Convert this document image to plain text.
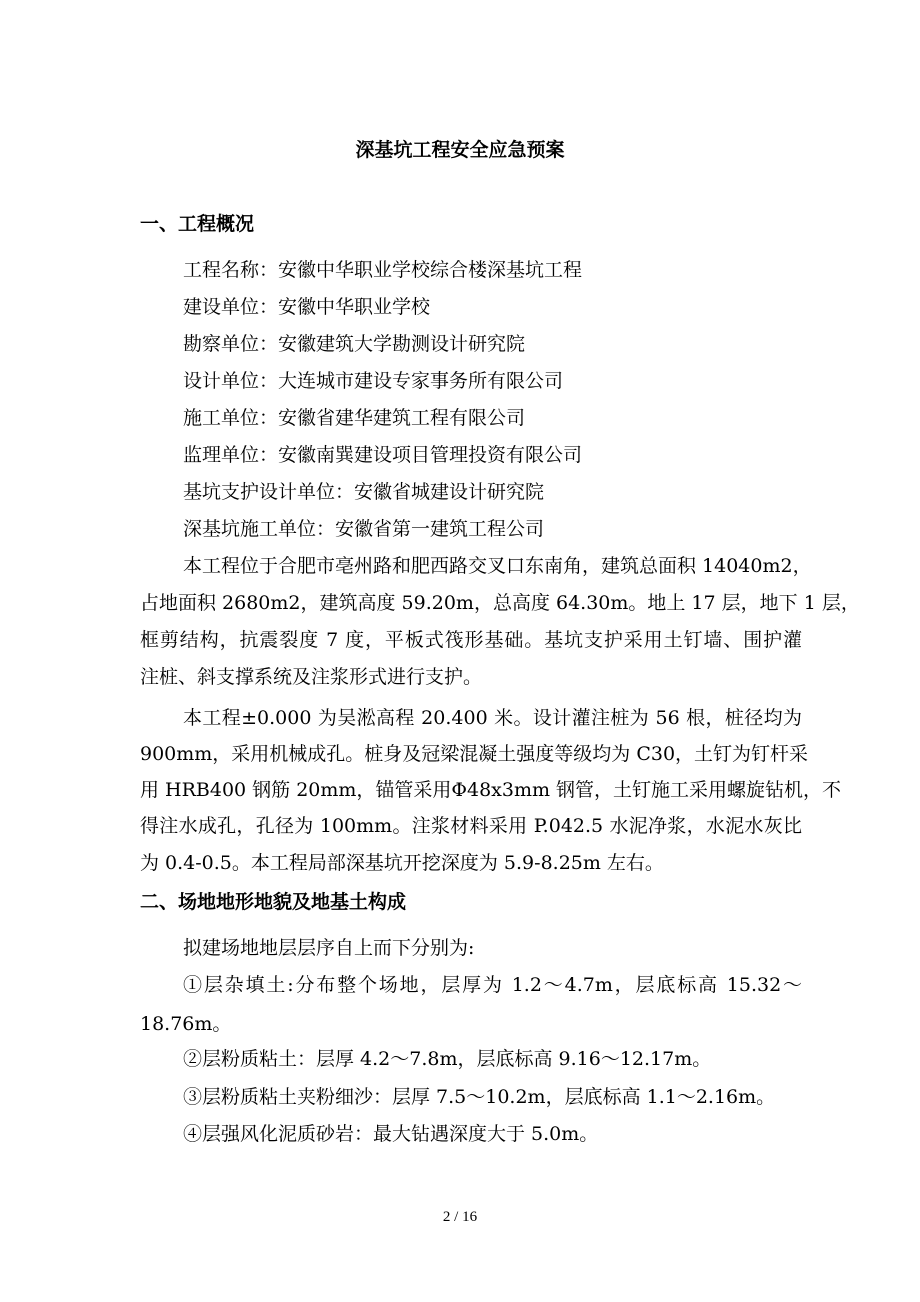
深基坑工程安全应急预案
一、工程概况
工程名称：安徽中华职业学校综合楼深基坑工程
建设单位：安徽中华职业学校
勘察单位：安徽建筑大学勘测设计研究院
设计单位：大连城市建设专家事务所有限公司
施工单位：安徽省建华建筑工程有限公司
监理单位：安徽南巽建设项目管理投资有限公司
基坑支护设计单位：安徽省城建设计研究院
深基坑施工单位：安徽省第一建筑工程公司
本工程位于合肥市亳州路和肥西路交叉口东南角，建筑总面积 14040m2，
占地面积 2680m2，建筑高度 59.20m，总高度 64.30m。地上 17 层，地下 1 层，
框剪结构，抗震裂度 7 度，平板式筏形基础。基坑支护采用土钉墙、围护灌
注桩、斜支撑系统及注浆形式进行支护。
本工程±0.000 为吴淞高程 20.400 米。设计灌注桩为 56 根，桩径均为
900mm，采用机械成孔。桩身及冠梁混凝土强度等级均为 C30，土钉为钉杆采
用 HRB400 钢筋 20mm，锚管采用Φ48x3mm 钢管，土钉施工采用螺旋钻机，不
得注水成孔，孔径为 100mm。注浆材料采用 P.042.5 水泥净浆，水泥水灰比
为 0.4-0.5。本工程局部深基坑开挖深度为 5.9-8.25m 左右。
二、场地地形地貌及地基土构成
拟建场地地层层序自上而下分别为:
①层杂填土:分布整个场地，层厚为 1.2～4.7m，层底标高 15.32～
18.76m。
②层粉质粘土：层厚 4.2～7.8m，层底标高 9.16～12.17m。
③层粉质粘土夹粉细沙：层厚 7.5～10.2m，层底标高 1.1～2.16m。
④层强风化泥质砂岩：最大钻遇深度大于 5.0m。
2 / 16
